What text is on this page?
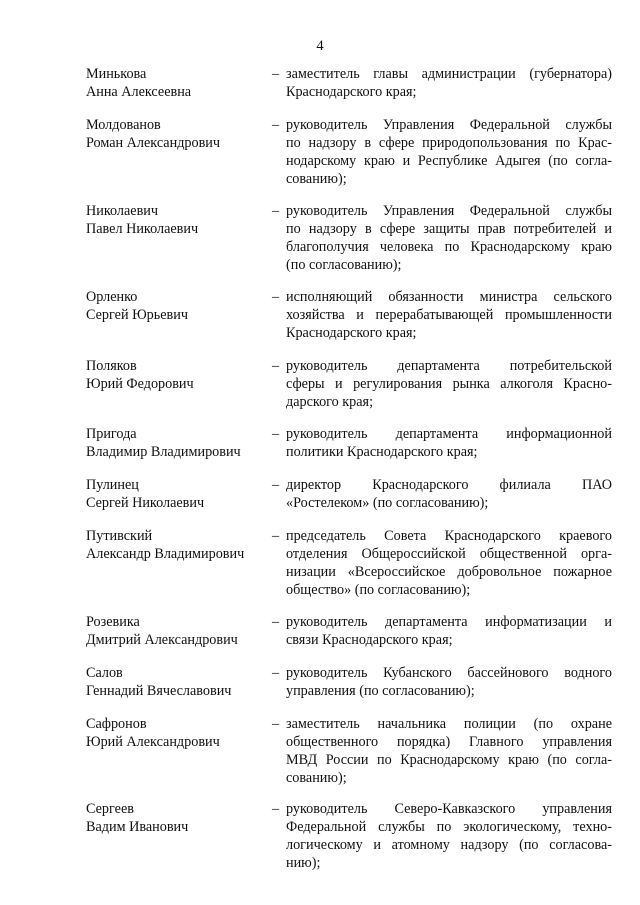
4
Минькова
Анна Алексеевна
– заместитель главы администрации (губернатора)
Краснодарского края;
Молдованов
Роман Александрович
– руководитель Управления Федеральной службы
по надзору в сфере природопользования по Крас-
нодарскому краю и Республике Адыгея (по согла-
сованию);
Николаевич
Павел Николаевич
– руководитель Управления Федеральной службы
по надзору в сфере защиты прав потребителей и
благополучия человека по Краснодарскому краю
(по согласованию);
Орленко
Сергей Юрьевич
– исполняющий обязанности министра сельского
хозяйства и перерабатывающей промышленности
Краснодарского края;
Поляков
Юрий Федорович
– руководитель департамента потребительской
сферы и регулирования рынка алкоголя Красно-
дарского края;
Пригода
Владимир Владимирович
– руководитель департамента информационной
политики Краснодарского края;
Пулинец
Сергей Николаевич
– директор Краснодарского филиала ПАО
«Ростелеком» (по согласованию);
Путивский
Александр Владимирович
– председатель Совета Краснодарского краевого
отделения Общероссийской общественной орга-
низации «Всероссийское добровольное пожарное
общество» (по согласованию);
Розевика
Дмитрий Александрович
– руководитель департамента информатизации и
связи Краснодарского края;
Салов
Геннадий Вячеславович
– руководитель Кубанского бассейнового водного
управления (по согласованию);
Сафронов
Юрий Александрович
– заместитель начальника полиции (по охране
общественного порядка) Главного управления
МВД России по Краснодарскому краю (по согла-
сованию);
Сергеев
Вадим Иванович
– руководитель Северо-Кавказского управления
Федеральной службы по экологическому, техно-
логическому и атомному надзору (по согласова-
нию);
